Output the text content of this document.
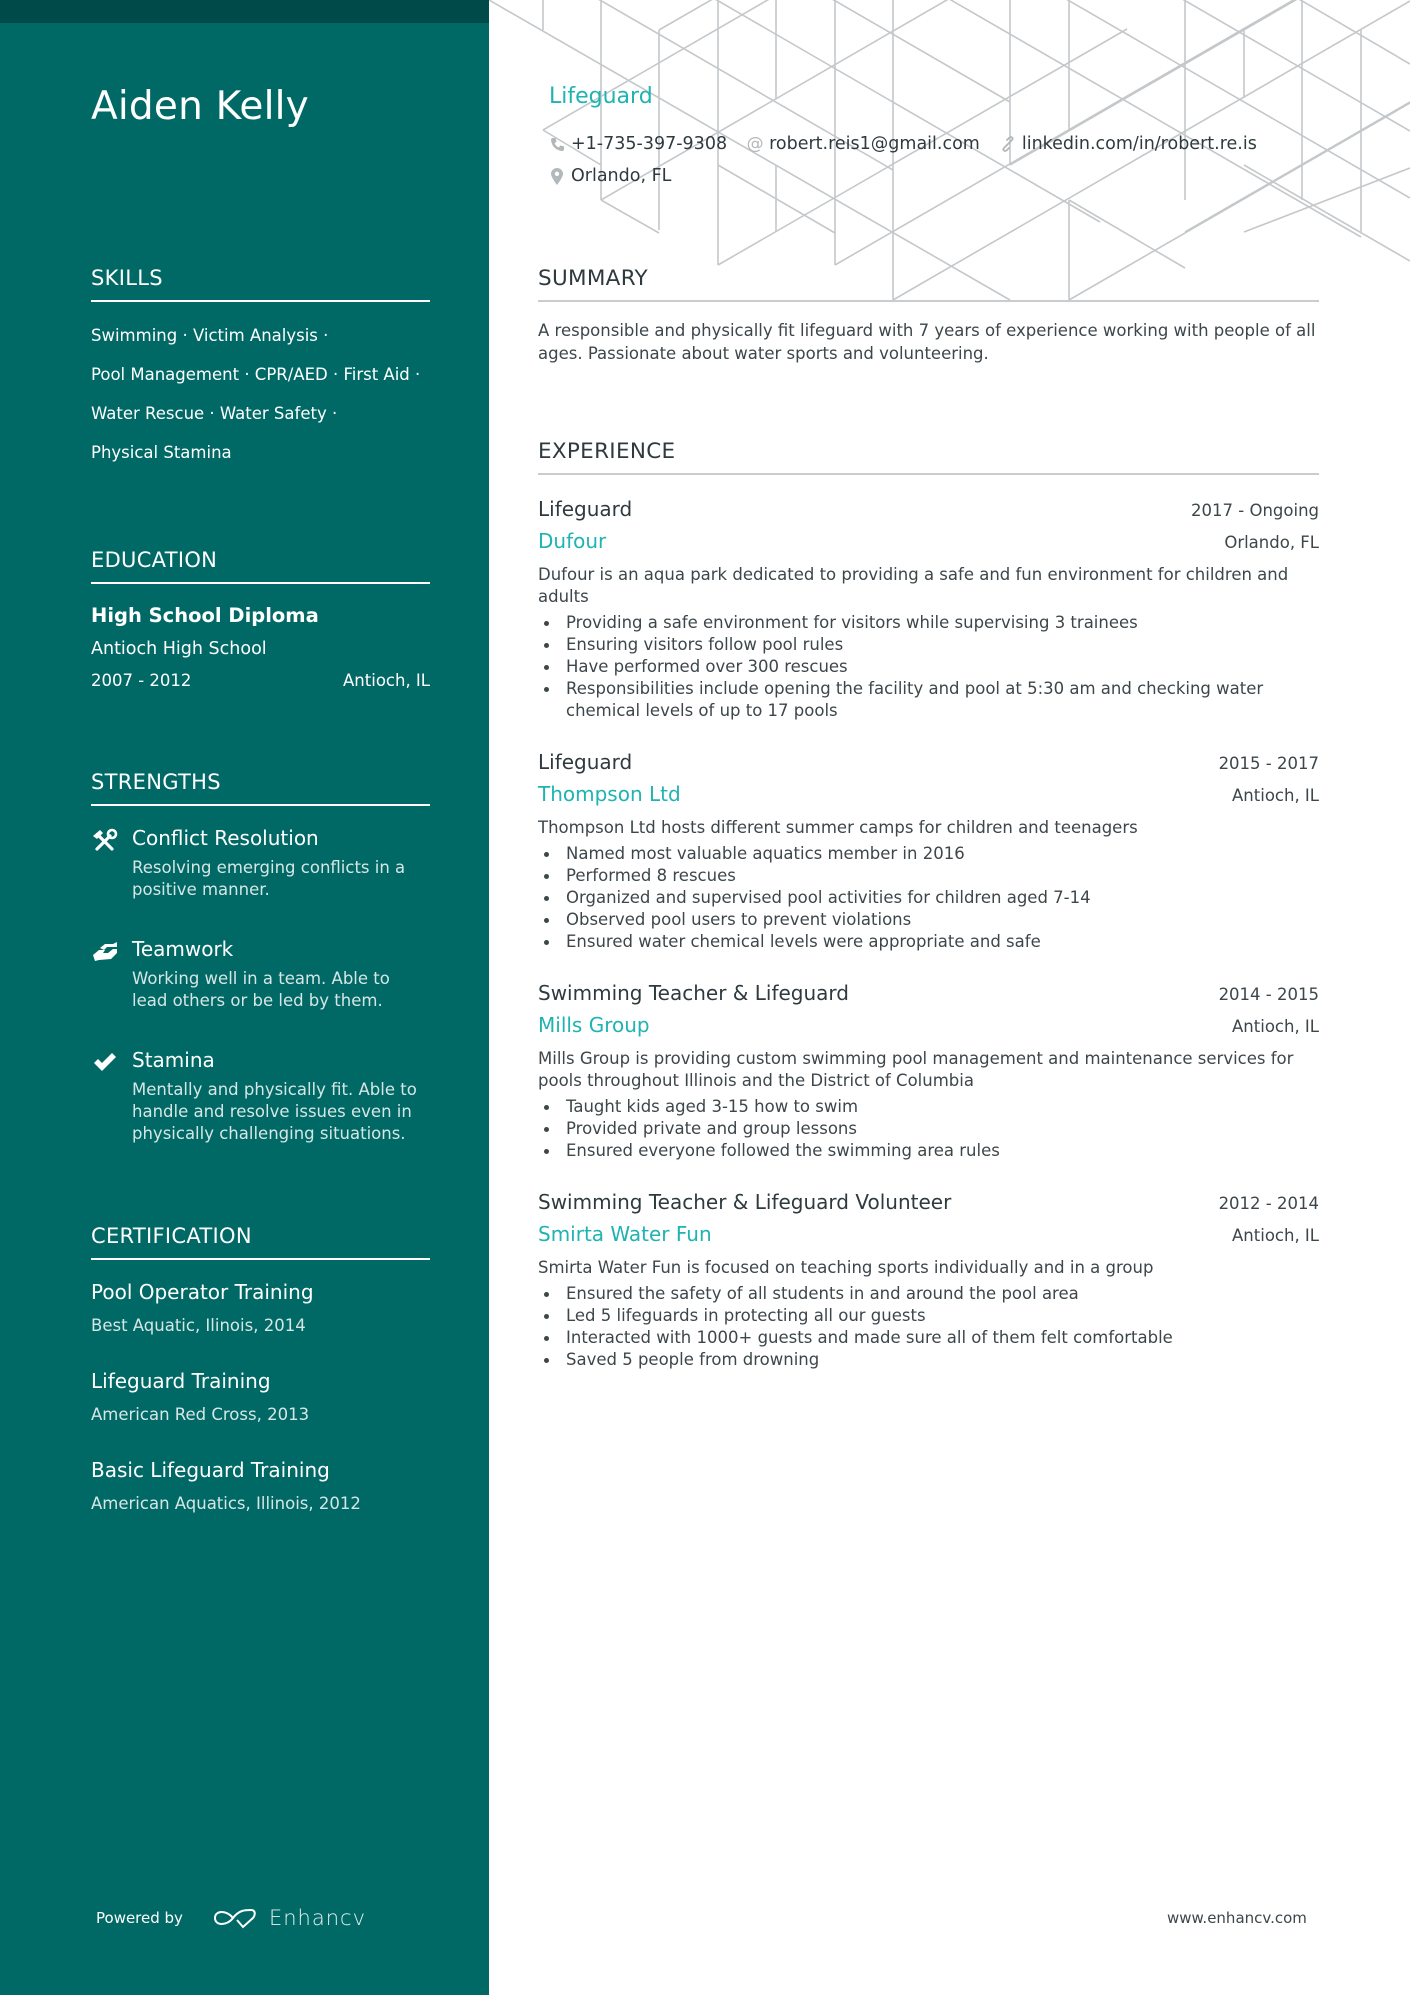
Aiden Kelly
SKILLS
Swimming · Victim Analysis ·
Pool Management · CPR/AED · First Aid ·
Water Rescue · Water Safety ·
Physical Stamina
EDUCATION
High School Diploma
Antioch High School
2007 - 2012	Antioch, IL
STRENGTHS
Conflict Resolution
Resolving emerging conflicts in a positive manner.
Teamwork
Working well in a team. Able to lead others or be led by them.
Stamina
Mentally and physically fit. Able to handle and resolve issues even in physically challenging situations.
CERTIFICATION
Pool Operator Training
Best Aquatic, Ilinois, 2014
Lifeguard Training
American Red Cross, 2013
Basic Lifeguard Training
American Aquatics, Illinois, 2012
Powered by	Enhancv
Lifeguard
+1-735-397-9308 @ robert.reis1@gmail.com linkedin.com/in/robert.re.is
Orlando, FL
SUMMARY

A responsible and physically fit lifeguard with 7 years of experience working with people of all ages. Passionate about water sports and volunteering.

EXPERIENCE
Lifeguard	2017 - Ongoing
Dufour	Orlando, FL

Dufour is an aqua park dedicated to providing a safe and fun environment for children and adults

Providing a safe environment for visitors while supervising 3 trainees
Ensuring visitors follow pool rules
Have performed over 300 rescues
Responsibilities include opening the facility and pool at 5:30 am and checking water chemical levels of up to 17 pools
Lifeguard	2015 - 2017
Thompson Ltd	Antioch, IL

Thompson Ltd hosts different summer camps for children and teenagers

Named most valuable aquatics member in 2016
Performed 8 rescues
Organized and supervised pool activities for children aged 7-14
Observed pool users to prevent violations
Ensured water chemical levels were appropriate and safe
Swimming Teacher & Lifeguard	2014 - 2015
Mills Group	Antioch, IL

Mills Group is providing custom swimming pool management and maintenance services for pools throughout Illinois and the District of Columbia

Taught kids aged 3-15 how to swim
Provided private and group lessons
Ensured everyone followed the swimming area rules
Swimming Teacher & Lifeguard Volunteer	2012 - 2014
Smirta Water Fun	Antioch, IL

Smirta Water Fun is focused on teaching sports individually and in a group

Ensured the safety of all students in and around the pool area
Led 5 lifeguards in protecting all our guests
Interacted with 1000+ guests and made sure all of them felt comfortable
Saved 5 people from drowning
www.enhancv.com
